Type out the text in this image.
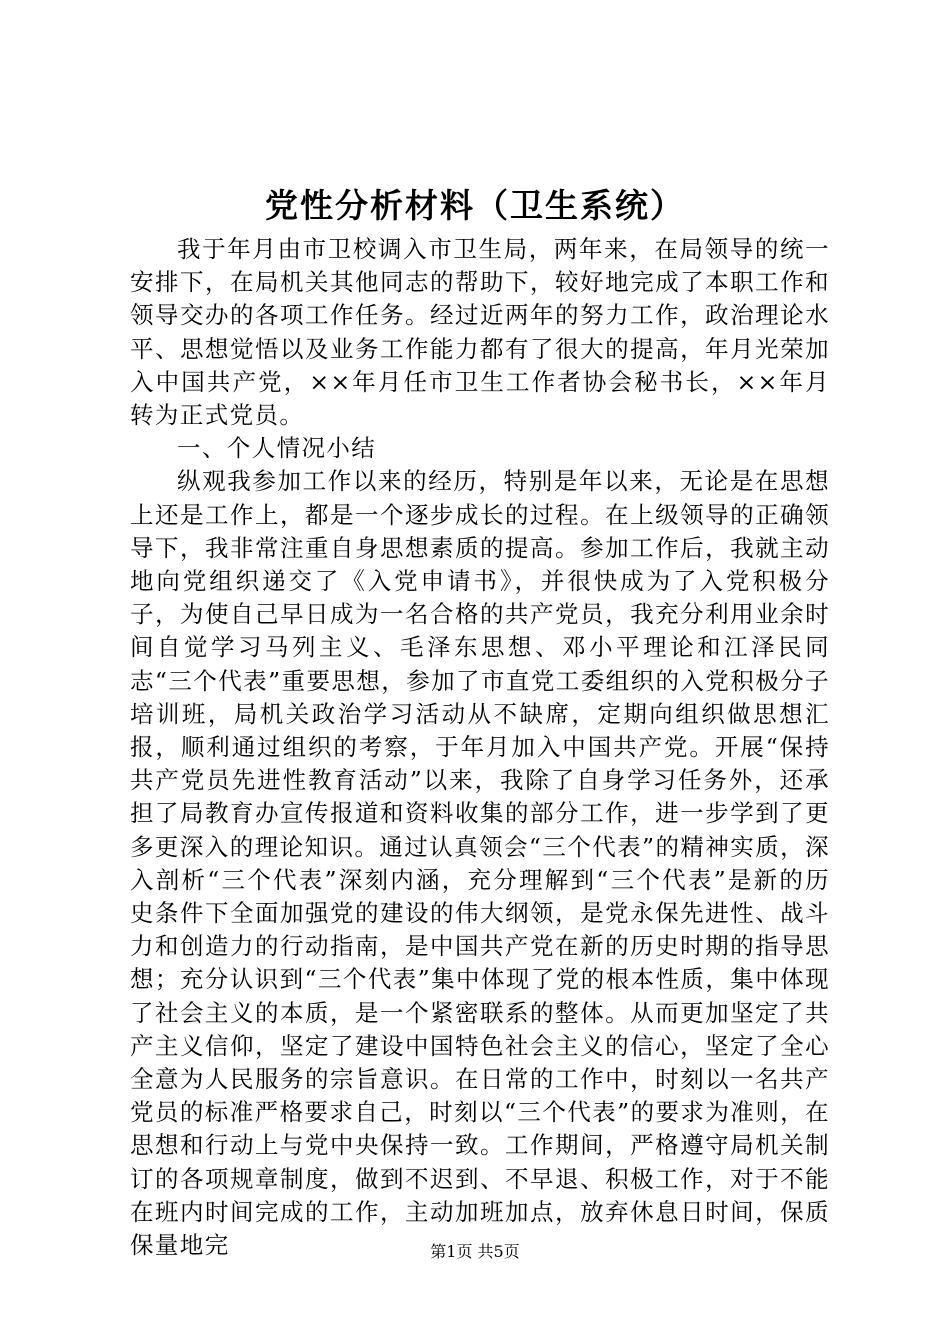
党性分析材料（卫生系统）

我于年月由市卫校调入市卫生局，两年来，在局领导的统一安排下，在局机关其他同志的帮助下，较好地完成了本职工作和领导交办的各项工作任务。经过近两年的努力工作，政治理论水平、思想觉悟以及业务工作能力都有了很大的提高，年月光荣加入中国共产党，××年月任市卫生工作者协会秘书长，××年月转为正式党员。

一、个人情况小结

纵观我参加工作以来的经历，特别是年以来，无论是在思想上还是工作上，都是一个逐步成长的过程。在上级领导的正确领导下，我非常注重自身思想素质的提高。参加工作后，我就主动地向党组织递交了《入党申请书》，并很快成为了入党积极分子，为使自己早日成为一名合格的共产党员，我充分利用业余时间自觉学习马列主义、毛泽东思想、邓小平理论和江泽民同志“三个代表”重要思想，参加了市直党工委组织的入党积极分子培训班，局机关政治学习活动从不缺席，定期向组织做思想汇报，顺利通过组织的考察，于年月加入中国共产党。开展“保持共产党员先进性教育活动”以来，我除了自身学习任务外，还承担了局教育办宣传报道和资料收集的部分工作，进一步学到了更多更深入的理论知识。通过认真领会“三个代表”的精神实质，深入剖析“三个代表”深刻内涵，充分理解到“三个代表”是新的历史条件下全面加强党的建设的伟大纲领，是党永保先进性、战斗力和创造力的行动指南，是中国共产党在新的历史时期的指导思想；充分认识到“三个代表”集中体现了党的根本性质，集中体现了社会主义的本质，是一个紧密联系的整体。从而更加坚定了共产主义信仰，坚定了建设中国特色社会主义的信心，坚定了全心全意为人民服务的宗旨意识。在日常的工作中，时刻以一名共产党员的标准严格要求自己，时刻以“三个代表”的要求为准则，在思想和行动上与党中央保持一致。工作期间，严格遵守局机关制订的各项规章制度，做到不迟到、不早退、积极工作，对于不能在班内时间完成的工作，主动加班加点，放弃休息日时间，保质保量地完	第1页 共5页
